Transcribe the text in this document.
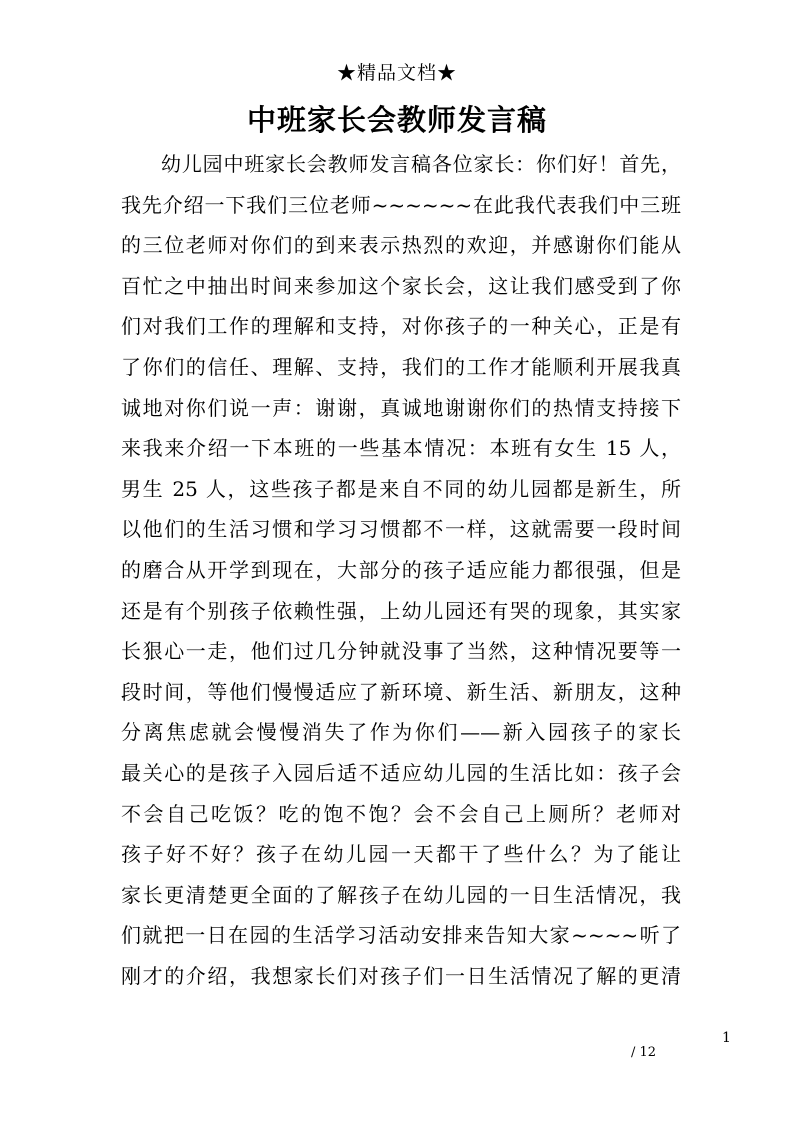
★精品文档★
中班家长会教师发言稿
幼儿园中班家长会教师发言稿各位家长：你们好！首先，
我先介绍一下我们三位老师~~~~~~在此我代表我们中三班
的三位老师对你们的到来表示热烈的欢迎，并感谢你们能从
百忙之中抽出时间来参加这个家长会，这让我们感受到了你
们对我们工作的理解和支持，对你孩子的一种关心，正是有
了你们的信任、理解、支持，我们的工作才能顺利开展我真
诚地对你们说一声：谢谢，真诚地谢谢你们的热情支持接下
来我来介绍一下本班的一些基本情况：本班有女生 15 人，
男生 25 人，这些孩子都是来自不同的幼儿园都是新生，所
以他们的生活习惯和学习习惯都不一样，这就需要一段时间
的磨合从开学到现在，大部分的孩子适应能力都很强，但是
还是有个别孩子依赖性强，上幼儿园还有哭的现象，其实家
长狠心一走，他们过几分钟就没事了当然，这种情况要等一
段时间，等他们慢慢适应了新环境、新生活、新朋友，这种
分离焦虑就会慢慢消失了作为你们——新入园孩子的家长
最关心的是孩子入园后适不适应幼儿园的生活比如：孩子会
不会自己吃饭？吃的饱不饱？会不会自己上厕所？老师对
孩子好不好？孩子在幼儿园一天都干了些什么？为了能让
家长更清楚更全面的了解孩子在幼儿园的一日生活情况，我
们就把一日在园的生活学习活动安排来告知大家~~~~听了
刚才的介绍，我想家长们对孩子们一日生活情况了解的更清
1
/ 12
